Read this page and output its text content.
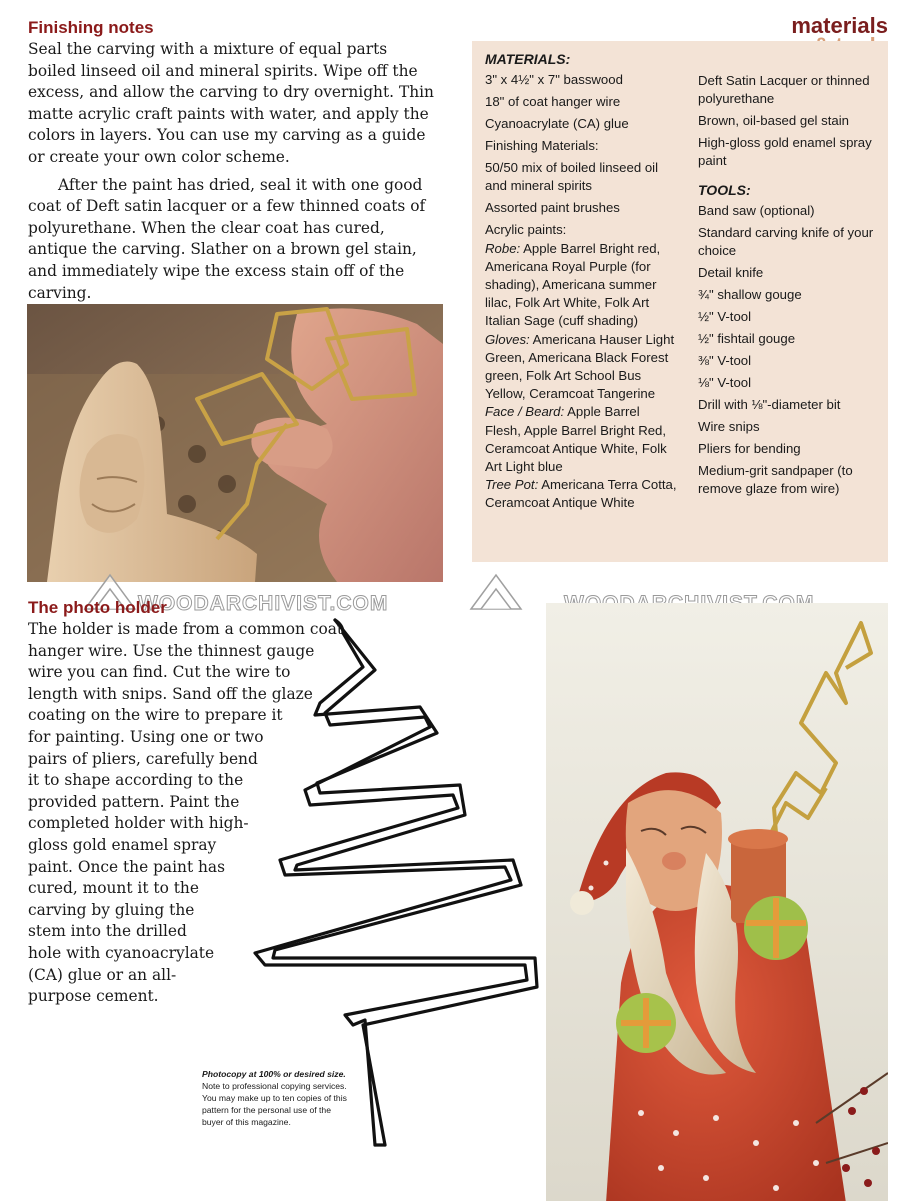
materials
Finishing notes

Seal the carving with a mixture of equal parts boiled linseed oil and mineral spirits. Wipe off the excess, and allow the carving to dry overnight. Thin matte acrylic craft paints with water, and apply the colors in layers. You can use my carving as a guide or create your own color scheme.

After the paint has dried, seal it with one good coat of Deft satin lacquer or a few thinned coats of polyurethane. When the clear coat has cured, antique the carving. Slather on a brown gel stain, and immediately wipe the excess stain off of the carving.

MATERIALS:
3" x 4½" x 7" basswood
18" of coat hanger wire
Cyanoacrylate (CA) glue
Finishing Materials:
50/50 mix of boiled linseed oil and mineral spirits
Assorted paint brushes
Acrylic paints:
Robe: Apple Barrel Bright red, Americana Royal Purple (for shading), Americana summer lilac, Folk Art White, Folk Art Italian Sage (cuff shading)
Gloves: Americana Hauser Light Green, Americana Black Forest green, Folk Art School Bus Yellow, Ceramcoat Tangerine
Face / Beard: Apple Barrel Flesh, Apple Barrel Bright Red, Ceramcoat Antique White, Folk Art Light blue
Tree Pot: Americana Terra Cotta, Ceramcoat Antique White
Deft Satin Lacquer or thinned polyurethane
Brown, oil-based gel stain
High-gloss gold enamel spray paint
TOOLS:
Band saw (optional)
Standard carving knife of your choice
Detail knife
¾" shallow gouge
½" V-tool
½" fishtail gouge
⅜" V-tool
⅛" V-tool
Drill with ⅛"-diameter bit
Wire snips
Pliers for bending
Medium-grit sandpaper (to remove glaze from wire)
WOODARCHIVIST.COM
The photo holder
The holder is made from a common coat
hanger wire. Use the thinnest gauge
wire you can find. Cut the wire to
length with snips. Sand off the glaze
coating on the wire to prepare it
for painting. Using one or two
pairs of pliers, carefully bend
it to shape according to the
provided pattern. Paint the
completed holder with high-
gloss gold enamel spray
paint. Once the paint has
cured, mount it to the
carving by gluing the
stem into the drilled
hole with cyanoacrylate
(CA) glue or an all-
purpose cement.
Photocopy at 100% or desired size.
Note to professional copying services. You may make up to ten copies of this pattern for the personal use of the buyer of this magazine.
